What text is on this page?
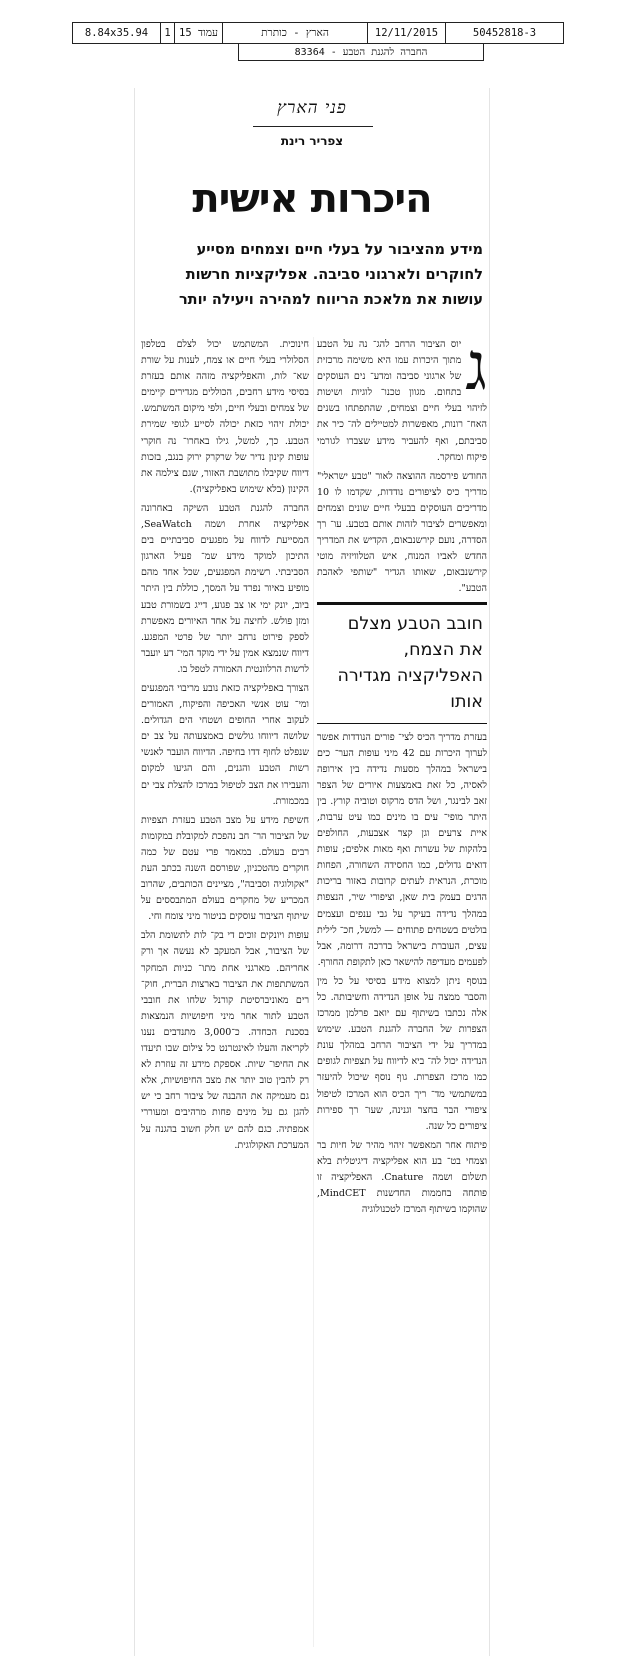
8.84x35.94	1 עמוד 15	הארץ - כותרת	12/11/2015	50452818-3
החברה להגנת הטבע - 83364
פני הארץ
צפריר רינת
היכרות אישית
מידע מהציבור על בעלי חיים וצמחים מסייע לחוקרים ולארגוני סביבה. אפליקציות חרשות עושות את מלאכת הריווח למהירה ויעילה יותר

ג
יוס הציבור הרחב להג־ נה על הטבע מתוך היכרות עמו היא משימה מרכזית של ארגוני סביבה ומדע־ נים העוסקים בתחום. מגוון טכנו־ לוגיות ושיטות לזיהוי בעלי חיים וצמחים, שהתפתחו בשנים האח־ רונות, מאפשרות למטיילים לה־ כיר את סביבתם, ואף להעביר מידע שצברו לגורמי פיקוח ומחקר.

החודש פירסמה ההוצאה לאור "טבע ישראלי" מדריך כיס לציפורים נודדות, שקדמו לו 10 מדריכים העוסקים בבעלי חיים שונים וצמחים ומאפשרים לציבור לזהות אותם בטבע. עו־ רך הסדרה, נועם קירשנבאום, הקדיש את המדריך החדש לאביו המנוח, איש הטלוויזיה מוטי קירשנבאום, שאותו הגדיר "שותפי לאהבת הטבע".

חובב הטבע מצלם את הצמח, האפליקציה מגדירה אותו

בעזרת מדריך הכיס לצי־ פורים הנודדות אפשר לערוך היכרות עם 42 מיני עופות הער־ כים בישראל במהלך מסעות נדידה בין אירופה לאסיה, כל זאת באמצעות איורים של הצפר זאב לבינגר, ושל הדס מרקוס וטוביה קורץ. בין היתר מופי־ עים בו מינים כמו עיט ערבות, איית צרעים וגן קצר אצבעות, החולפים בלהקות של עשרות ואף מאות אלפים; עופות דואים גדולים, כמו החסידה השחורה, הפחות מוכרת, הנראית לעתים קרובות באזור בריכות הדגים בעמק בית שאן, וציפורי שיר, הנצפות במהלך נדידה בעיקר על גבי ענפים ועצמים בולטים בשטחים פתוחים — למשל, חכ־ לילית עצים, העוברת בישראל בדרכה דרומה, אבל לפעמים מעדיפה להישאר כאן לתקופת החורף.

בנוסף ניתן למצוא מידע בסיסי על כל מין והסבר ממצה על אופן הנדידה וחשיבותה. כל אלה נכתבו בשיתוף עם יואב פרלמן ממרכז הצפרות של החברה להגנת הטבע. שימוש במדריך על ידי הציבור הרחב במהלך עונת הנדידה יכול לה־ ביא לדיווח על תצפיות לגופים כמו מרכז הצפרות. גוף נוסף שיכול להיעזר במשתמשי מד־ ריך הכיס הוא המרכז לטיפול ציפורי הבר בחצר וגנינה, שעו־ רך ספירות ציפורים כל שנה.

פיתוח אחר המאפשר זיהוי מהיר של חיות בר וצמחי בט־ בע הוא אפליקציה דיגיטלית בלא תשלום ושמה Cnature. האפליקציה זו פותחה בחממות החדשנות MindCET, שהוקמו בשיתוף המרכז לטכנולוגיה

חינוכית. המשתמש יכול לצלם בטלפון הסלולרי בעלי חיים או צמח, לענות על שורת שא־ לות, והאפליקציה מזהה אותם בעזרת בסיסי מידע רחבים, הכוללים מגדירים קיימים של צמחים ובעלי חיים, ולפי מיקום המשתמש. יכולת זיהוי כזאת יכולה לסייע לגופי שמירת הטבע. כך, למשל, גילו באחרו־ נה חוקרי עופות קינון נדיר של שרקרק ירוק בנגב, בזכות דיווח שקיבלו מתושבת האזור, שגם צילמה את הקינון (בלא שימוש באפליקציה).

החברה להגנת הטבע השיקה באחרונה אפליקציה אחרת ושמה SeaWatch, המסייעת לדווח על מפגעים סביבתיים בים התיכון למוקד מידע שמ־ פעיל הארגון הסביבתי. רשימת המפגעים, שכל אחד מהם מופיע באיור נפרד על המסך, כוללת בין היתר ביוב, יונק ימי או צב פגוע, דייג בשמורת טבע ומזן פולש. לחיצה על אחד האיורים מאפשרת לספק פירוט נרחב יותר של פרטי המפגע. דיווח שנמצא אמין על ידי מוקד המי־ דע יועבר לרשות הרלוונטית האמורה לטפל בו.

הצורך באפליקציה כזאת נובע מריבוי המפגעים ומי־ עוט אנשי האכיפה והפיקוח, האמורים לעקוב אחרי החופים ושטחי הים הגדולים. שלושה דיווחו גולשים באמצעותה על צב ים שנפלט לחוף דדו בחיפה. הדיווח הועבר לאנשי רשות הטבע והגנים, והם הגיעו למקום והעבירו את הצב לטיפול במרכז להצלת צבי ים במכמורת.

חשיפת מידע על מצב הטבע בעזרת תצפיות של הציבור הר־ חב נהפכת למקובלת במקומות רבים בעולם. במאמר פרי עטם של כמה חוקרים מהטכניון, שפורסם השנה בכתב העת "אקולוגיה וסביבה", מציינים הכותבים, שהרוב המכריע של מחקרים בעולם המתבססים על שיתוף הציבור עוסקים בניטור מיני צומח וחי.

עופות ויונקים זוכים די בק־ לות לתשומת הלב של הציבור, אבל המעקב לא נעשה אך ורק אחריהם. מארגני אחת מתו־ כניות המחקר המשתתפות את הציבור בארצות הברית, חוק־ רים מאוניברסיטת קורנל שלחו את חובבי הטבע לתור אחר מיני חיפושיות הנמצאות בסכנת הכחדה. כ־3,000 מתנדבים נענו לקריאה והעלו לאינטרנט כל צילום שבו תיעדו את החיפו־ שיות. אספקת מידע זה עוזרת לא רק להבין טוב יותר את מצב החיפושיות, אלא גם מעמיקה את ההבנה של ציבור רחב כי יש להגן גם על מינים פחות מרהיבים ומעוררי אמפתיה. כגם להם יש חלק חשוב בהגנה על המערכת האקולוגית.
